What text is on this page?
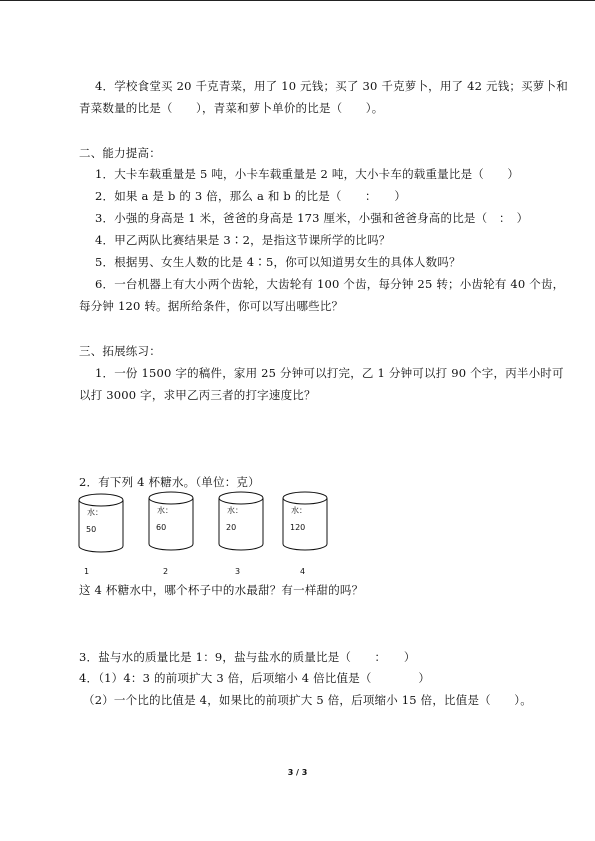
4．学校食堂买 20 千克青菜，用了 10 元钱；买了 30 千克萝卜，用了 42 元钱；买萝卜和
青菜数量的比是（　　），青菜和萝卜单价的比是（　　）。
二、能力提高：
1．大卡车载重量是 5 吨，小卡车载重量是 2 吨，大小卡车的载重量比是（　　）
2．如果 a 是 b 的 3 倍，那么 a 和 b 的比是（　　：　　）
3．小强的身高是 1 米，爸爸的身高是 173 厘米，小强和爸爸身高的比是（　：　）
4．甲乙两队比赛结果是 3∶2，是指这节课所学的比吗？
5．根据男、女生人数的比是 4∶5，你可以知道男女生的具体人数吗？
6．一台机器上有大小两个齿轮，大齿轮有 100 个齿，每分钟 25 转；小齿轮有 40 个齿，
每分钟 120 转。据所给条件，你可以写出哪些比？
三、拓展练习：
1．一份 1500 字的稿件，家用 25 分钟可以打完，乙 1 分钟可以打 90 个字，丙半小时可
以打 3000 字，求甲乙丙三者的打字速度比？
2．有下列 4 杯糖水。（单位：克）
水：
50
水：
60
水：
20
水：
120
1	2	3	4
这 4 杯糖水中，哪个杯子中的水最甜？有一样甜的吗？
3．盐与水的质量比是 1：9，盐与盐水的质量比是（　　：　　）
4．（1）4：3 的前项扩大 3 倍，后项缩小 4 倍比值是（　　　　）
（2）一个比的比值是 4，如果比的前项扩大 5 倍，后项缩小 15 倍，比值是（　　）。
3 / 3
